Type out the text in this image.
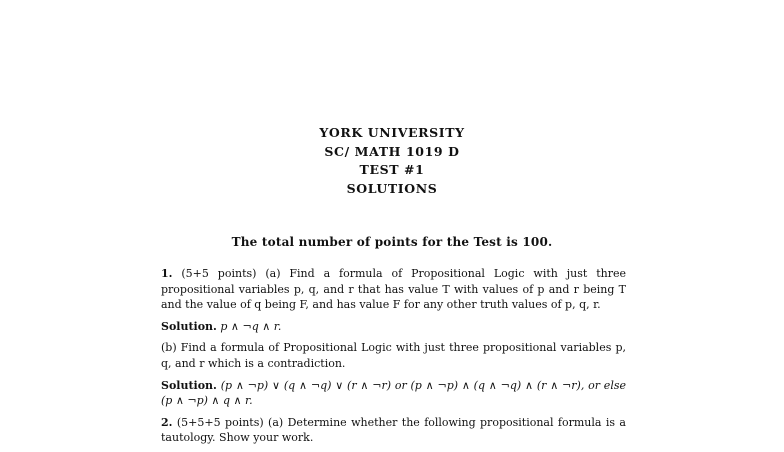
YORK UNIVERSITY
SC/ MATH 1019 D
TEST #1
SOLUTIONS
The total number of points for the Test is 100.

1. (5+5 points) (a) Find a formula of Propositional Logic with just three propositional variables p, q, and r that has value T with values of p and r being T and the value of q being F, and has value F for any other truth values of p, q, r.

Solution. p ∧ ¬q ∧ r.

(b) Find a formula of Propositional Logic with just three propositional variables p, q, and r which is a contradiction.

Solution. (p ∧ ¬p) ∨ (q ∧ ¬q) ∨ (r ∧ ¬r) or (p ∧ ¬p) ∧ (q ∧ ¬q) ∧ (r ∧ ¬r), or else (p ∧ ¬p) ∧ q ∧ r.

2. (5+5+5 points) (a) Determine whether the following propositional formula is a tautology. Show your work.
